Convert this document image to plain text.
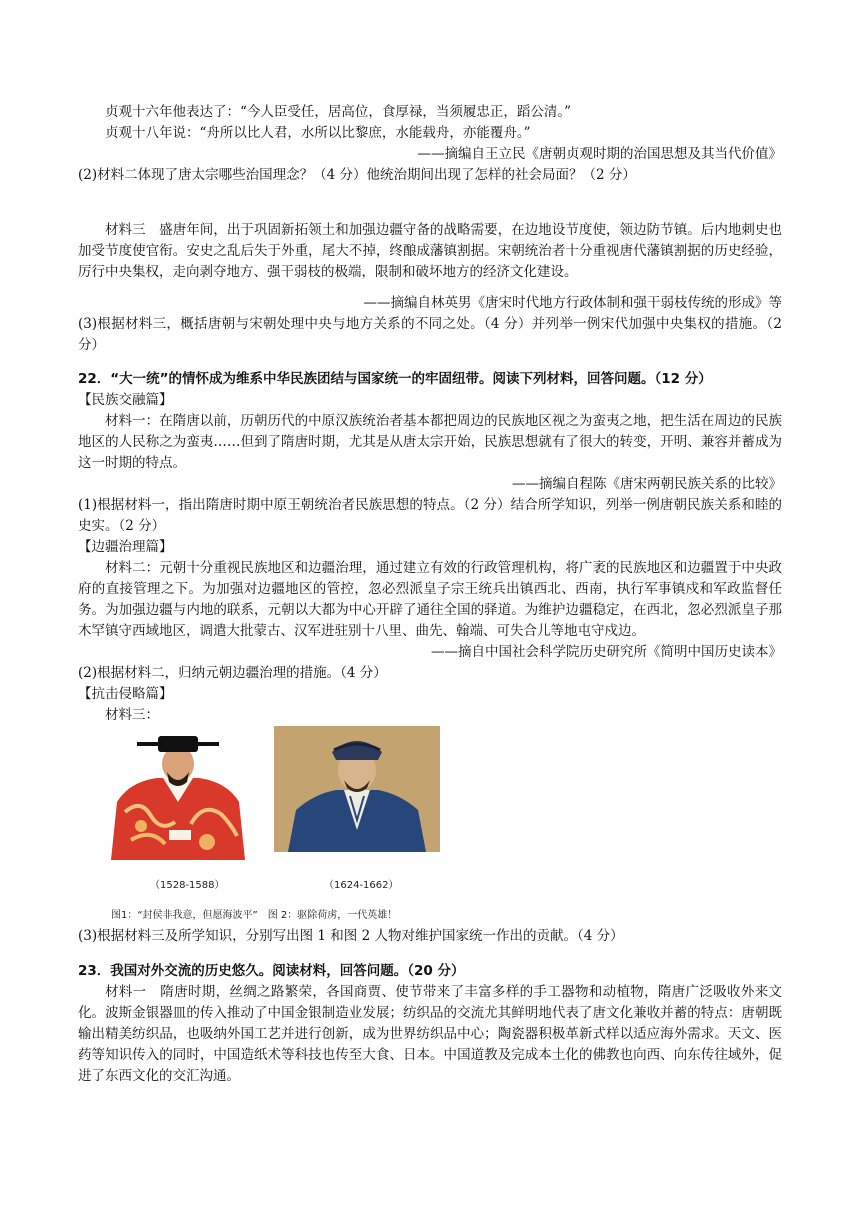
贞观十六年他表达了：“今人臣受任，居高位，食厚禄，当须履忠正，蹈公清。”
贞观十八年说：“舟所以比人君，水所以比黎庶，水能载舟，亦能覆舟。”
——摘编自王立民《唐朝贞观时期的治国思想及其当代价值》
(2)材料二体现了唐太宗哪些治国理念？（4 分）他统治期间出现了怎样的社会局面？（2 分）
材料三　盛唐年间，出于巩固新拓领土和加强边疆守备的战略需要，在边地设节度使，领边防节镇。后内地刺史也加受节度使官衔。安史之乱后失于外重，尾大不掉，终酿成藩镇割据。宋朝统治者十分重视唐代藩镇割据的历史经验，厉行中央集权，走向剥夺地方、强干弱枝的极端，限制和破坏地方的经济文化建设。
——摘编自林英男《唐宋时代地方行政体制和强干弱枝传统的形成》等
(3)根据材料三，概括唐朝与宋朝处理中央与地方关系的不同之处。（4 分）并列举一例宋代加强中央集权的措施。（2 分）
22．“大一统”的情怀成为维系中华民族团结与国家统一的牢固纽带。阅读下列材料，回答问题。（12 分）
【民族交融篇】
材料一：在隋唐以前，历朝历代的中原汉族统治者基本都把周边的民族地区视之为蛮夷之地，把生活在周边的民族地区的人民称之为蛮夷……但到了隋唐时期，尤其是从唐太宗开始，民族思想就有了很大的转变，开明、兼容并蓄成为这一时期的特点。
——摘编自程陈《唐宋两朝民族关系的比较》
(1)根据材料一，指出隋唐时期中原王朝统治者民族思想的特点。（2 分）结合所学知识，列举一例唐朝民族关系和睦的史实。（2 分）
【边疆治理篇】
材料二：元朝十分重视民族地区和边疆治理，通过建立有效的行政管理机构，将广袤的民族地区和边疆置于中央政府的直接管理之下。为加强对边疆地区的管控，忽必烈派皇子宗王统兵出镇西北、西南，执行军事镇戍和军政监督任务。为加强边疆与内地的联系，元朝以大都为中心开辟了通往全国的驿道。为维护边疆稳定，在西北，忽必烈派皇子那木罕镇守西域地区，调遣大批蒙古、汉军进驻别十八里、曲先、翰端、可失合儿等地屯守戍边。
——摘自中国社会科学院历史研究所《简明中国历史读本》
(2)根据材料二，归纳元朝边疆治理的措施。（4 分）
【抗击侵略篇】
材料三：
（1528-1588）	（1624-1662）
图1：“封侯非我意，但愿海波平”　图 2：驱除荷虏，一代英雄！
(3)根据材料三及所学知识，分别写出图 1 和图 2 人物对维护国家统一作出的贡献。（4 分）
23．我国对外交流的历史悠久。阅读材料，回答问题。（20 分）
材料一　隋唐时期，丝绸之路繁荣，各国商贾、使节带来了丰富多样的手工器物和动植物，隋唐广泛吸收外来文化。波斯金银器皿的传入推动了中国金银制造业发展；纺织品的交流尤其鲜明地代表了唐文化兼收并蓄的特点：唐朝既输出精美纺织品，也吸纳外国工艺并进行创新，成为世界纺织品中心；陶瓷器积极革新式样以适应海外需求。天文、医药等知识传入的同时，中国造纸术等科技也传至大食、日本。中国道教及完成本土化的佛教也向西、向东传往域外，促进了东西文化的交汇沟通。
